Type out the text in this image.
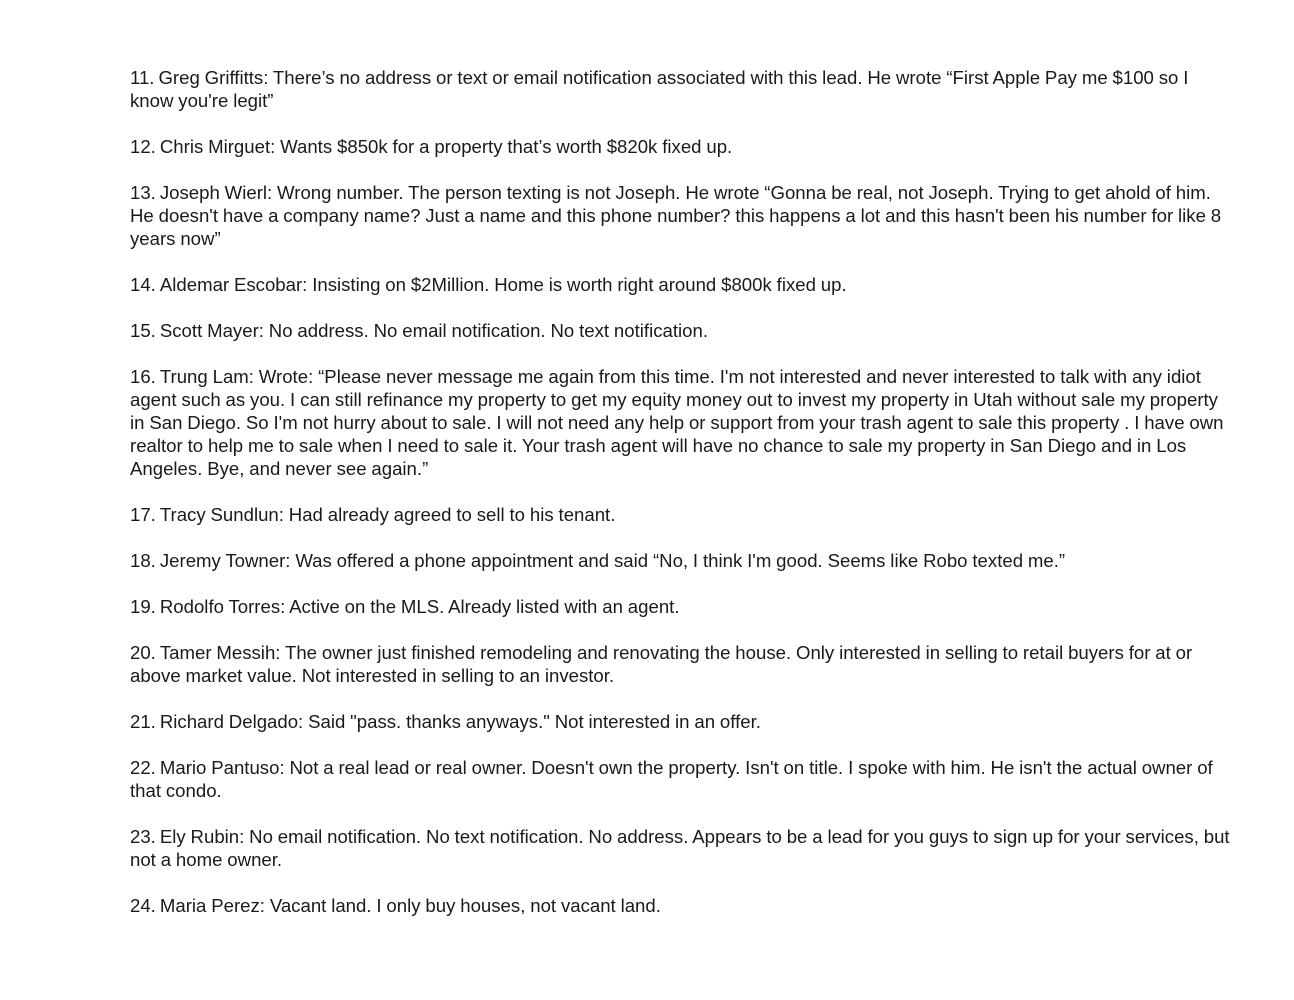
11. Greg Griffitts: There’s no address or text or email notification associated with this lead. He wrote “First Apple Pay me $100 so I know you're legit”

12. Chris Mirguet: Wants $850k for a property that’s worth $820k fixed up.

13. Joseph Wierl: Wrong number. The person texting is not Joseph. He wrote “Gonna be real, not Joseph. Trying to get ahold of him. He doesn't have a company name? Just a name and this phone number? this happens a lot and this hasn't been his number for like 8 years now”

14. Aldemar Escobar: Insisting on $2Million. Home is worth right around $800k fixed up.

15. Scott Mayer: No address. No email notification. No text notification.

16. Trung Lam: Wrote: “Please never message me again from this time. I'm not interested and never interested to talk with any idiot agent such as you. I can still refinance my property to get my equity money out to invest my property in Utah without sale my property in San Diego. So I'm not hurry about to sale. I will not need any help or support from your trash agent to sale this property . I have own realtor to help me to sale when I need to sale it. Your trash agent will have no chance to sale my property in San Diego and in Los Angeles. Bye, and never see again.”

17. Tracy Sundlun: Had already agreed to sell to his tenant.

18. Jeremy Towner: Was offered a phone appointment and said “No, I think I'm good. Seems like Robo texted me.”

19. Rodolfo Torres: Active on the MLS. Already listed with an agent.

20. Tamer Messih: The owner just finished remodeling and renovating the house. Only interested in selling to retail buyers for at or above market value. Not interested in selling to an investor.

21. Richard Delgado: Said "pass. thanks anyways." Not interested in an offer.

22. Mario Pantuso: Not a real lead or real owner. Doesn't own the property. Isn't on title. I spoke with him. He isn't the actual owner of that condo.

23. Ely Rubin: No email notification. No text notification. No address. Appears to be a lead for you guys to sign up for your services, but not a home owner.

24. Maria Perez: Vacant land. I only buy houses, not vacant land.
